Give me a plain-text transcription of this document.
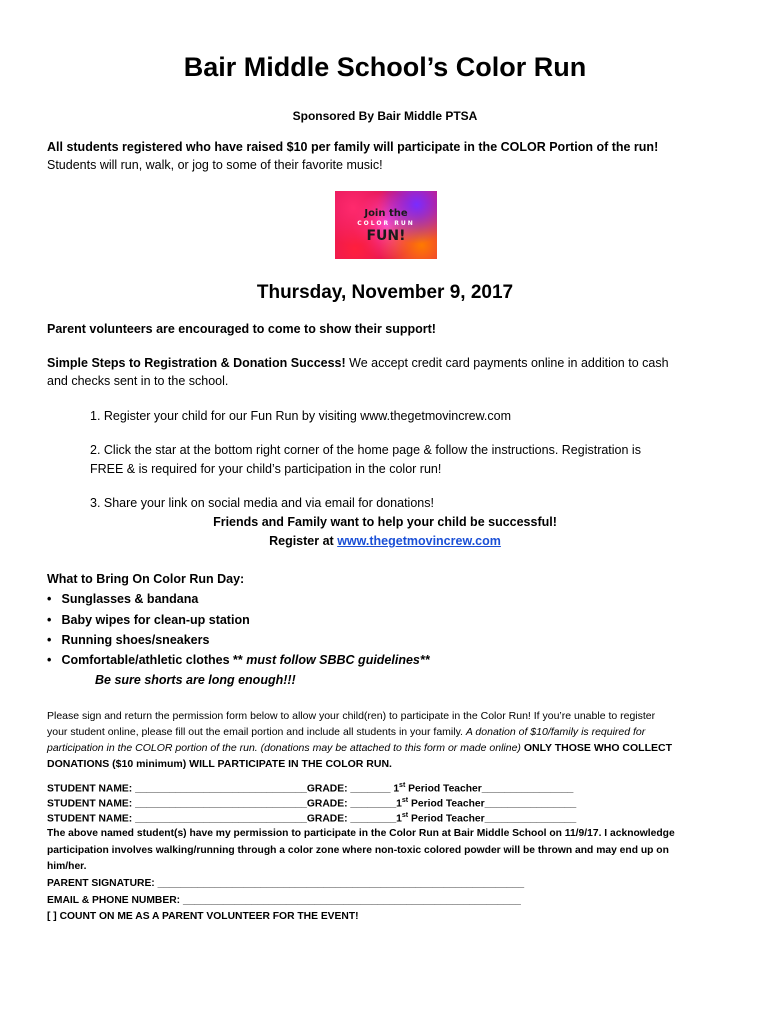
Bair Middle School’s Color Run
Sponsored By Bair Middle PTSA
All students registered who have raised $10 per family will participate in the COLOR Portion of the run!
Students will run, walk, or jog to some of their favorite music!
Join the
COLOR RUN
FUN!
Thursday, November 9, 2017
Parent volunteers are encouraged to come to show their support!
Simple Steps to Registration & Donation Success! We accept credit card payments online in addition to cash
and checks sent in to the school.
1. Register your child for our Fun Run by visiting www.thegetmovincrew.com
2. Click the star at the bottom right corner of the home page & follow the instructions. Registration is
FREE & is required for your child’s participation in the color run!
3. Share your link on social media and via email for donations!
Friends and Family want to help your child be successful!
Register at www.thegetmovincrew.com
What to Bring On Color Run Day:
• Sunglasses & bandana
• Baby wipes for clean-up station
• Running shoes/sneakers
• Comfortable/athletic clothes ** must follow SBBC guidelines**
Be sure shorts are long enough!!!
Please sign and return the permission form below to allow your child(ren) to participate in the Color Run! If you’re unable to register
your student online, please fill out the email portion and include all students in your family. A donation of $10/family is required for
participation in the COLOR portion of the run. (donations may be attached to this form or made online) ONLY THOSE WHO COLLECT
DONATIONS ($10 minimum) WILL PARTICIPATE IN THE COLOR RUN.
STUDENT NAME: ______________________________GRADE: _______ 1st Period Teacher________________
STUDENT NAME: ______________________________GRADE: ________1st Period Teacher________________
STUDENT NAME: ______________________________GRADE: ________1st Period Teacher________________
The above named student(s) have my permission to participate in the Color Run at Bair Middle School on 11/9/17. I acknowledge
participation involves walking/running through a color zone where non-toxic colored powder will be thrown and may end up on
him/her.
PARENT SIGNATURE: ________________________________________________________________
EMAIL & PHONE NUMBER: ___________________________________________________________
[ ] COUNT ON ME AS A PARENT VOLUNTEER FOR THE EVENT!
